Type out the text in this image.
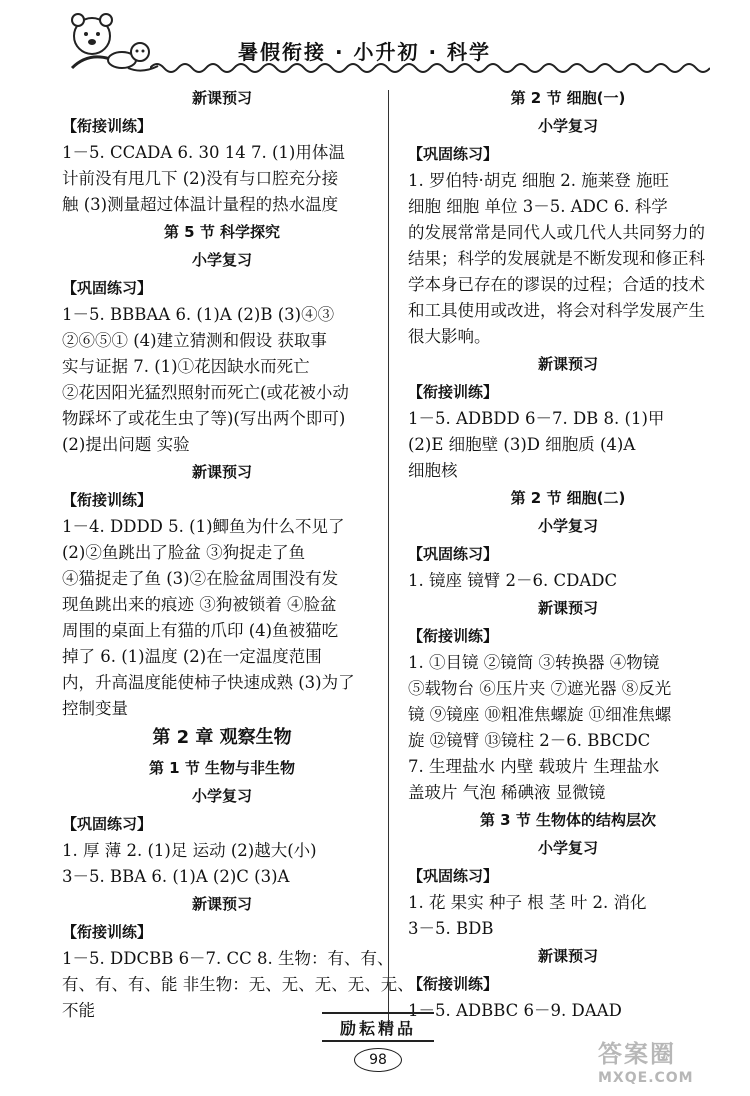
暑假衔接 · 小升初 · 科学
新课预习
【衔接训练】
1－5. CCADA 6. 30 14 7. (1)用体温
计前没有甩几下 (2)没有与口腔充分接
触 (3)测量超过体温计量程的热水温度
第 5 节 科学探究
小学复习
【巩固练习】
1－5. BBBAA 6. (1)A (2)B (3)④③
②⑥⑤① (4)建立猜测和假设 获取事
实与证据 7. (1)①花因缺水而死亡
②花因阳光猛烈照射而死亡(或花被小动
物踩坏了或花生虫了等)(写出两个即可)
(2)提出问题 实验
新课预习
【衔接训练】
1－4. DDDD 5. (1)鲫鱼为什么不见了
(2)②鱼跳出了脸盆 ③狗捉走了鱼
④猫捉走了鱼 (3)②在脸盆周围没有发
现鱼跳出来的痕迹 ③狗被锁着 ④脸盆
周围的桌面上有猫的爪印 (4)鱼被猫吃
掉了 6. (1)温度 (2)在一定温度范围
内，升高温度能使柿子快速成熟 (3)为了
控制变量
第 2 章 观察生物
第 1 节 生物与非生物
小学复习
【巩固练习】
1. 厚 薄 2. (1)足 运动 (2)越大(小)
3－5. BBA 6. (1)A (2)C (3)A
新课预习
【衔接训练】
1－5. DDCBB 6－7. CC 8. 生物：有、有、
有、有、有、能 非生物：无、无、无、无、无、
不能
第 2 节 细胞(一)
小学复习
【巩固练习】
1. 罗伯特·胡克 细胞 2. 施莱登 施旺
细胞 细胞 单位 3－5. ADC 6. 科学
的发展常常是同代人或几代人共同努力的
结果；科学的发展就是不断发现和修正科
学本身已存在的谬误的过程；合适的技术
和工具使用或改进，将会对科学发展产生
很大影响。
新课预习
【衔接训练】
1－5. ADBDD 6－7. DB 8. (1)甲
(2)E 细胞壁 (3)D 细胞质 (4)A
细胞核
第 2 节 细胞(二)
小学复习
【巩固练习】
1. 镜座 镜臂 2－6. CDADC
新课预习
【衔接训练】
1. ①目镜 ②镜筒 ③转换器 ④物镜
⑤载物台 ⑥压片夹 ⑦遮光器 ⑧反光
镜 ⑨镜座 ⑩粗准焦螺旋 ⑪细准焦螺
旋 ⑫镜臂 ⑬镜柱 2－6. BBCDC
7. 生理盐水 内壁 载玻片 生理盐水
盖玻片 气泡 稀碘液 显微镜
第 3 节 生物体的结构层次
小学复习
【巩固练习】
1. 花 果实 种子 根 茎 叶 2. 消化
3－5. BDB
新课预习
【衔接训练】
1－5. ADBBC 6－9. DAAD
励耘精品
98	答案圈
MXQE.COM
